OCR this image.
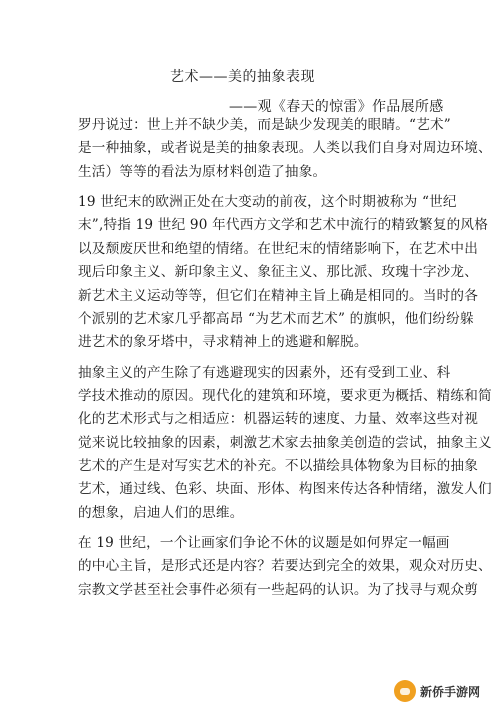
艺术——美的抽象表现
——观《春天的惊雷》作品展所感
罗丹说过：世上并不缺少美，而是缺少发现美的眼睛。“艺术”
是一种抽象，或者说是美的抽象表现。人类以我们自身对周边环境、
生活）等等的看法为原材料创造了抽象。
19 世纪末的欧洲正处在大变动的前夜，这个时期被称为 “世纪
末”,特指 19 世纪 90 年代西方文学和艺术中流行的精致繁复的风格
以及颓废厌世和绝望的情绪。在世纪末的情绪影响下，在艺术中出
现后印象主义、新印象主义、象征主义、那比派、玫瑰十字沙龙、
新艺术主义运动等等，但它们在精神主旨上确是相同的。当时的各
个派别的艺术家几乎都高昂 “为艺术而艺术” 的旗帜，他们纷纷躲
进艺术的象牙塔中，寻求精神上的逃避和解脱。
抽象主义的产生除了有逃避现实的因素外，还有受到工业、科
学技术推动的原因。现代化的建筑和环境，要求更为概括、精练和简
化的艺术形式与之相适应：机器运转的速度、力量、效率这些对视
觉来说比较抽象的因素，刺激艺术家去抽象美创造的尝试，抽象主义
艺术的产生是对写实艺术的补充。不以描绘具体物象为目标的抽象
艺术，通过线、色彩、块面、形体、构图来传达各种情绪，激发人们
的想象，启迪人们的思维。
在 19 世纪，一个让画家们争论不休的议题是如何界定一幅画
的中心主旨，是形式还是内容？若要达到完全的效果，观众对历史、
宗教文学甚至社会事件必须有一些起码的认识。为了找寻与观众剪
新侨手游网
